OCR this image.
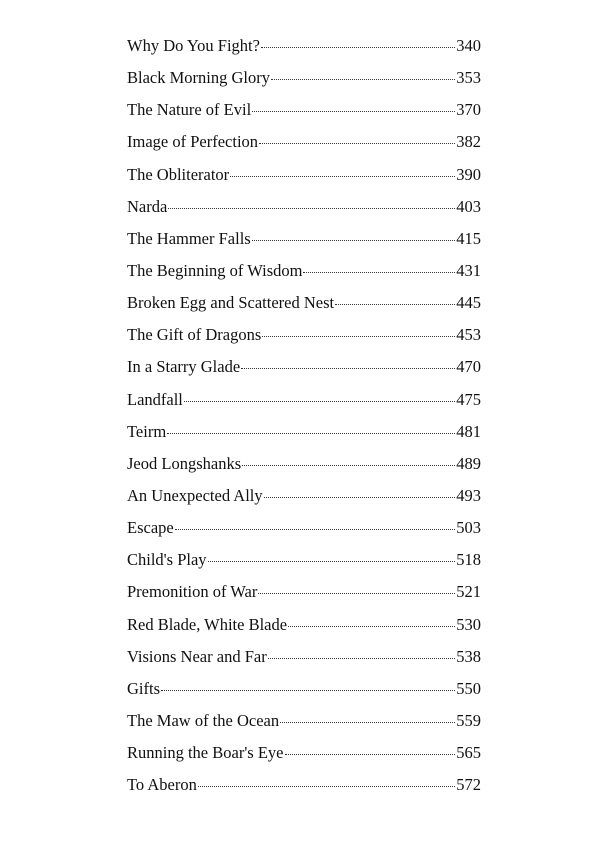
Why Do You Fight?	340
Black Morning Glory	353
The Nature of Evil	370
Image of Perfection	382
The Obliterator	390
Narda	403
The Hammer Falls	415
The Beginning of Wisdom	431
Broken Egg and Scattered Nest	445
The Gift of Dragons	453
In a Starry Glade	470
Landfall	475
Teirm	481
Jeod Longshanks	489
An Unexpected Ally	493
Escape	503
Child's Play	518
Premonition of War	521
Red Blade, White Blade	530
Visions Near and Far	538
Gifts	550
The Maw of the Ocean	559
Running the Boar's Eye	565
To Aberon	572
